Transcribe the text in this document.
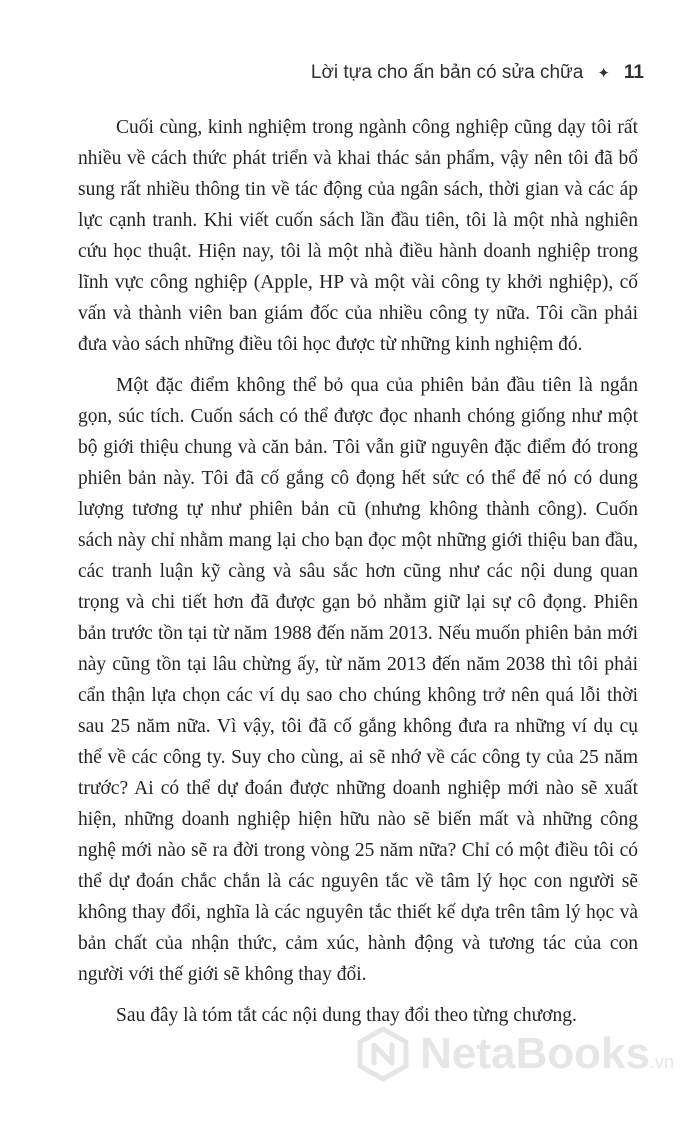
Lời tựa cho ấn bản có sửa chữa ✦ 11

Cuối cùng, kinh nghiệm trong ngành công nghiệp cũng dạy tôi rất nhiều về cách thức phát triển và khai thác sản phẩm, vậy nên tôi đã bổ sung rất nhiều thông tin về tác động của ngân sách, thời gian và các áp lực cạnh tranh. Khi viết cuốn sách lần đầu tiên, tôi là một nhà nghiên cứu học thuật. Hiện nay, tôi là một nhà điều hành doanh nghiệp trong lĩnh vực công nghiệp (Apple, HP và một vài công ty khởi nghiệp), cố vấn và thành viên ban giám đốc của nhiều công ty nữa. Tôi cần phải đưa vào sách những điều tôi học được từ những kinh nghiệm đó.

Một đặc điểm không thể bỏ qua của phiên bản đầu tiên là ngắn gọn, súc tích. Cuốn sách có thể được đọc nhanh chóng giống như một bộ giới thiệu chung và căn bản. Tôi vẫn giữ nguyên đặc điểm đó trong phiên bản này. Tôi đã cố gắng cô đọng hết sức có thể để nó có dung lượng tương tự như phiên bản cũ (nhưng không thành công). Cuốn sách này chỉ nhằm mang lại cho bạn đọc một những giới thiệu ban đầu, các tranh luận kỹ càng và sâu sắc hơn cũng như các nội dung quan trọng và chi tiết hơn đã được gạn bỏ nhằm giữ lại sự cô đọng. Phiên bản trước tồn tại từ năm 1988 đến năm 2013. Nếu muốn phiên bản mới này cũng tồn tại lâu chừng ấy, từ năm 2013 đến năm 2038 thì tôi phải cẩn thận lựa chọn các ví dụ sao cho chúng không trở nên quá lỗi thời sau 25 năm nữa. Vì vậy, tôi đã cố gắng không đưa ra những ví dụ cụ thể về các công ty. Suy cho cùng, ai sẽ nhớ về các công ty của 25 năm trước? Ai có thể dự đoán được những doanh nghiệp mới nào sẽ xuất hiện, những doanh nghiệp hiện hữu nào sẽ biến mất và những công nghệ mới nào sẽ ra đời trong vòng 25 năm nữa? Chỉ có một điều tôi có thể dự đoán chắc chắn là các nguyên tắc về tâm lý học con người sẽ không thay đổi, nghĩa là các nguyên tắc thiết kế dựa trên tâm lý học và bản chất của nhận thức, cảm xúc, hành động và tương tác của con người với thế giới sẽ không thay đổi.

Sau đây là tóm tắt các nội dung thay đổi theo từng chương.

NetaBooks.vn
